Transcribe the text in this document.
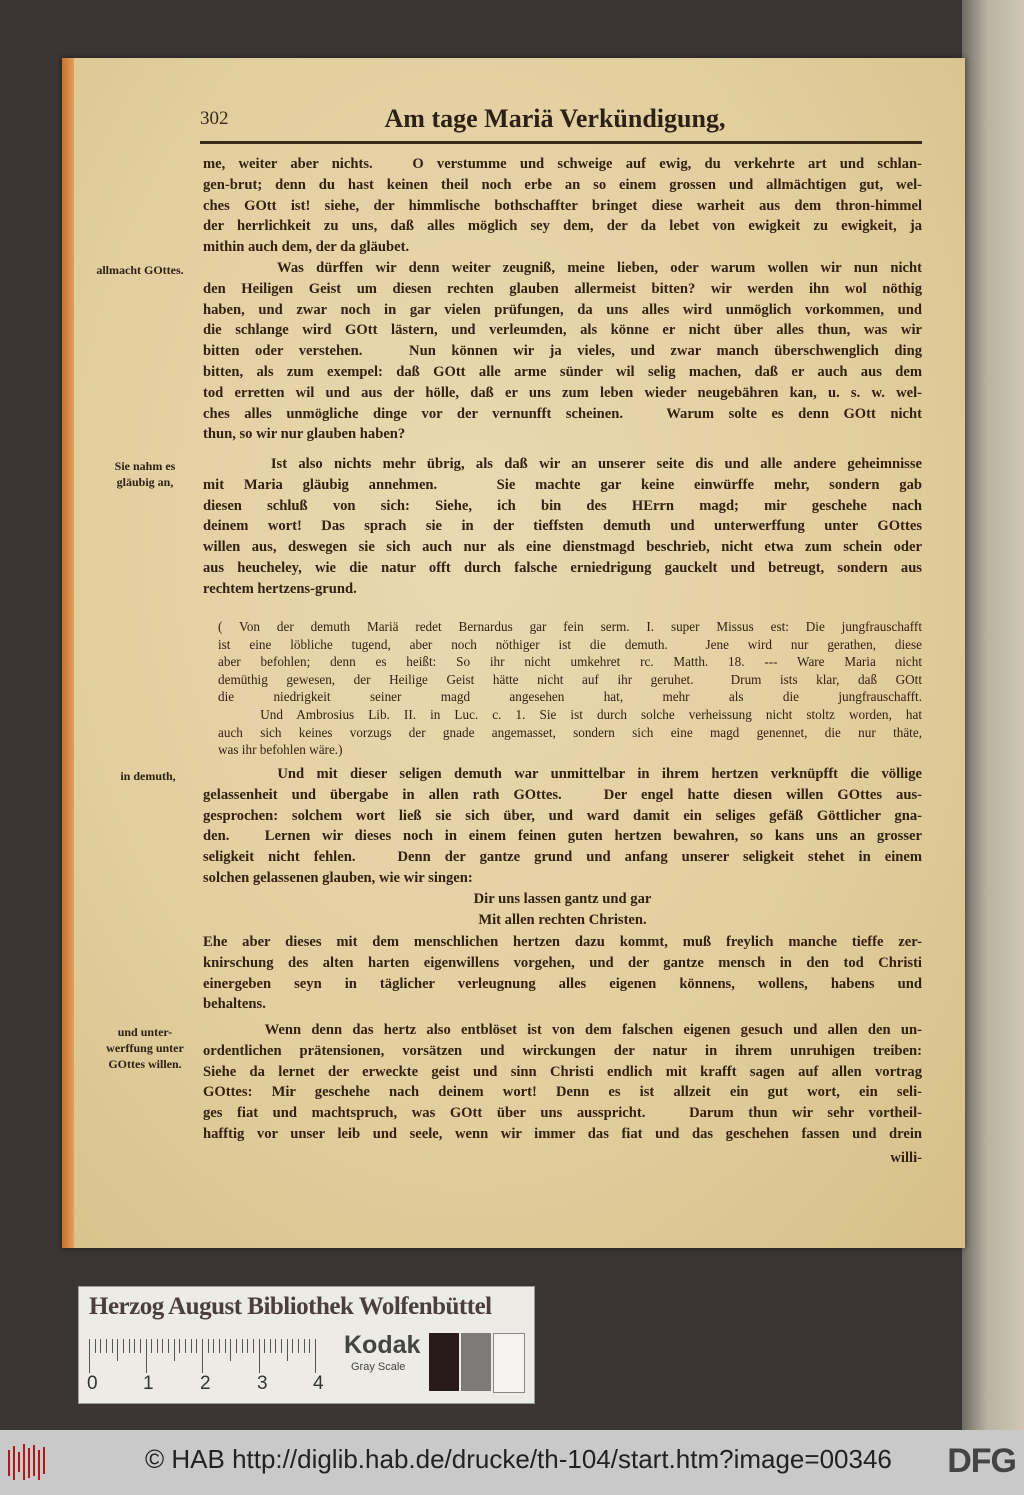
302	Am tage Mariä Verkündigung,
me, weiter aber nichts.   O verstumme und schweige auf ewig, du verkehrte art und schlan-
gen-brut; denn du hast keinen theil noch erbe an so einem grossen und allmächtigen gut, wel-
ches GOtt ist! siehe, der himmlische bothschaffter bringet diese warheit aus dem thron-himmel
der herrlichkeit zu uns, daß alles möglich sey dem, der da lebet von ewigkeit zu ewigkeit, ja
mithin auch dem, der da gläubet.
Was dürffen wir denn weiter zeugniß, meine lieben, oder warum wollen wir nun nicht
den Heiligen Geist um diesen rechten glauben allermeist bitten? wir werden ihn wol nöthig
haben, und zwar noch in gar vielen prüfungen, da uns alles wird unmöglich vorkommen, und
die schlange wird GOtt lästern, und verleumden, als könne er nicht über alles thun, was wir
bitten oder verstehen.   Nun können wir ja vieles, und zwar manch überschwenglich ding
bitten, als zum exempel: daß GOtt alle arme sünder wil selig machen, daß er auch aus dem
tod erretten wil und aus der hölle, daß er uns zum leben wieder neugebähren kan, u. s. w. wel-
ches alles unmögliche dinge vor der vernunfft scheinen.   Warum solte es denn GOtt nicht
thun, so wir nur glauben haben?
Ist also nichts mehr übrig, als daß wir an unserer seite dis und alle andere geheimnisse
mit Maria gläubig annehmen.   Sie machte gar keine einwürffe mehr, sondern gab
diesen schluß von sich: Siehe, ich bin des HErrn magd; mir geschehe nach
deinem wort! Das sprach sie in der tieffsten demuth und unterwerffung unter GOttes
willen aus, deswegen sie sich auch nur als eine dienstmagd beschrieb, nicht etwa zum schein oder
aus heucheley, wie die natur offt durch falsche erniedrigung gauckelt und betreugt, sondern aus
rechtem hertzens-grund.
( Von der demuth Mariä redet Bernardus gar fein serm. I. super Missus est: Die jungfrauschafft
ist eine löbliche tugend, aber noch nöthiger ist die demuth.  Jene wird nur gerathen, diese
aber befohlen; denn es heißt: So ihr nicht umkehret rc. Matth. 18. --- Ware Maria nicht
demüthig gewesen, der Heilige Geist hätte nicht auf ihr geruhet.  Drum ists klar, daß GOtt
die niedrigkeit seiner magd angesehen hat, mehr als die jungfrauschafft.
Und Ambrosius Lib. II. in Luc. c. 1. Sie ist durch solche verheissung nicht stoltz worden, hat
auch sich keines vorzugs der gnade angemasset, sondern sich eine magd genennet, die nur thäte,
was ihr befohlen wäre.)
Und mit dieser seligen demuth war unmittelbar in ihrem hertzen verknüpfft die völlige
gelassenheit und übergabe in allen rath GOttes.   Der engel hatte diesen willen GOttes aus-
gesprochen: solchem wort ließ sie sich über, und ward damit ein seliges gefäß Göttlicher gna-
den.   Lernen wir dieses noch in einem feinen guten hertzen bewahren, so kans uns an grosser
seligkeit nicht fehlen.   Denn der gantze grund und anfang unserer seligkeit stehet in einem
solchen gelassenen glauben, wie wir singen:
Dir uns lassen gantz und gar
Mit allen rechten Christen.
Ehe aber dieses mit dem menschlichen hertzen dazu kommt, muß freylich manche tieffe zer-
knirschung des alten harten eigenwillens vorgehen, und der gantze mensch in den tod Christi
einergeben seyn in täglicher verleugnung alles eigenen könnens, wollens, habens und
behaltens.
Wenn denn das hertz also entblöset ist von dem falschen eigenen gesuch und allen den un-
ordentlichen prätensionen, vorsätzen und wirckungen der natur in ihrem unruhigen treiben:
Siehe da lernet der erweckte geist und sinn Christi endlich mit krafft sagen auf allen vortrag
GOttes: Mir geschehe nach deinem wort! Denn es ist allzeit ein gut wort, ein seli-
ges fiat und machtspruch, was GOtt über uns ausspricht.   Darum thun wir sehr vortheil-
hafftig vor unser leib und seele, wenn wir immer das fiat und das geschehen fassen und drein
willi-
allmacht GOttes.
Sie nahm es gläubig an,
in demuth,
und unter- werffung unter GOttes willen.
Herzog August Bibliothek Wolfenbüttel
0 1 2 3 4
Kodak
Gray Scale
© HAB http://diglib.hab.de/drucke/th-104/start.htm?image=00346 DFG
